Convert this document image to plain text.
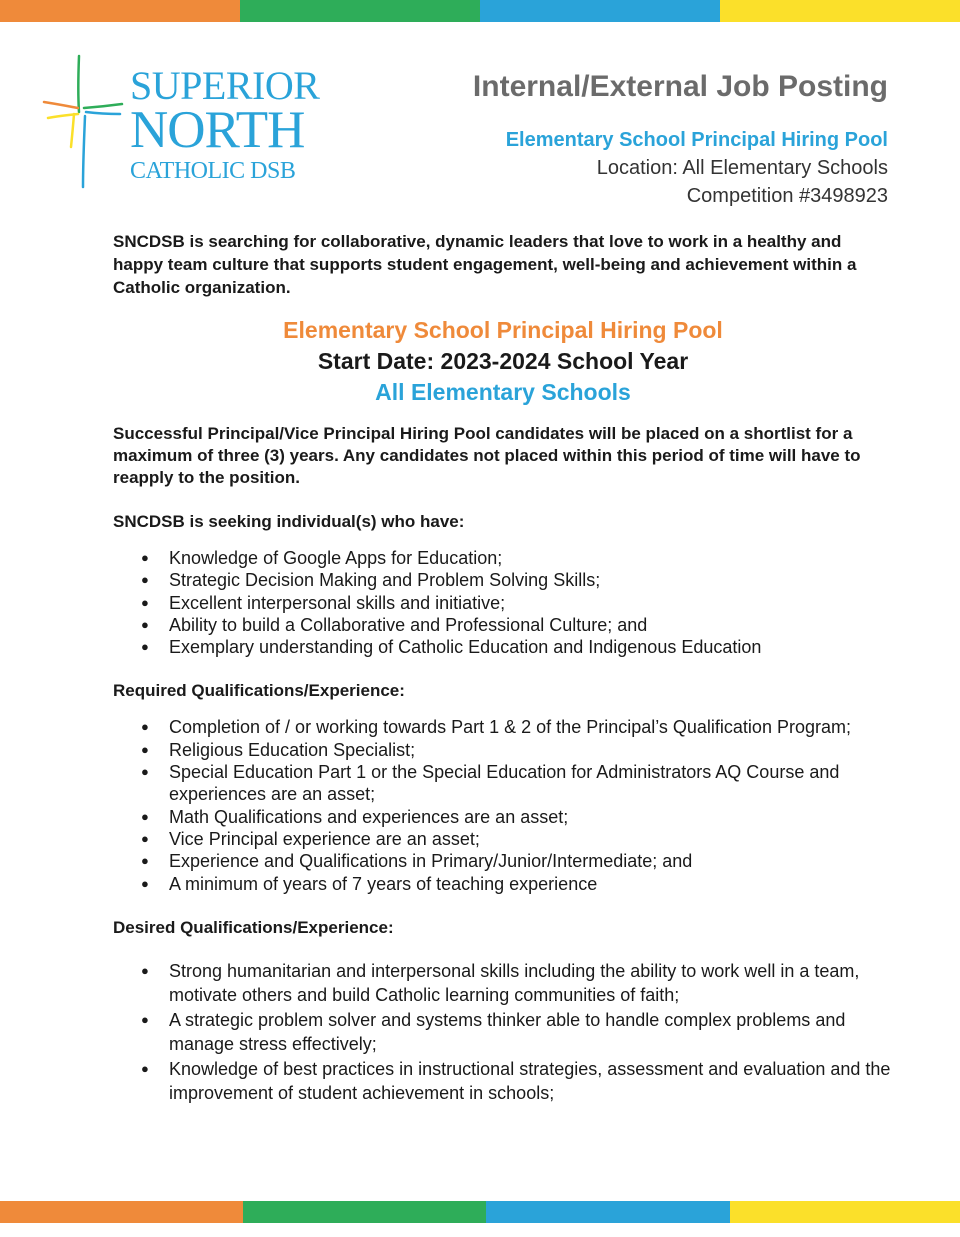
SUPERIOR
NORTH
CATHOLIC DSB

Internal/External Job Posting

Elementary School Principal Hiring Pool

Location: All Elementary Schools

Competition #3498923

SNCDSB is searching for collaborative, dynamic leaders that love to work in a healthy and happy team culture that supports student engagement, well-being and achievement within a Catholic organization.

Elementary School Principal Hiring Pool

Start Date: 2023-2024 School Year

All Elementary Schools

Successful Principal/Vice Principal Hiring Pool candidates will be placed on a shortlist for a maximum of three (3) years. Any candidates not placed within this period of time will have to reapply to the position.

SNCDSB is seeking individual(s) who have:

● Knowledge of Google Apps for Education;
● Strategic Decision Making and Problem Solving Skills;
● Excellent interpersonal skills and initiative;
● Ability to build a Collaborative and Professional Culture; and
● Exemplary understanding of Catholic Education and Indigenous Education

Required Qualifications/Experience:

● Completion of / or working towards Part 1 & 2 of the Principal’s Qualification Program;
● Religious Education Specialist;
● Special Education Part 1 or the Special Education for Administrators AQ Course and experiences are an asset;
● Math Qualifications and experiences are an asset;
● Vice Principal experience are an asset;
● Experience and Qualifications in Primary/Junior/Intermediate; and
● A minimum of years of 7 years of teaching experience

Desired Qualifications/Experience:

● Strong humanitarian and interpersonal skills including the ability to work well in a team, motivate others and build Catholic learning communities of faith;
● A strategic problem solver and systems thinker able to handle complex problems and manage stress effectively;
● Knowledge of best practices in instructional strategies, assessment and evaluation and the improvement of student achievement in schools;
